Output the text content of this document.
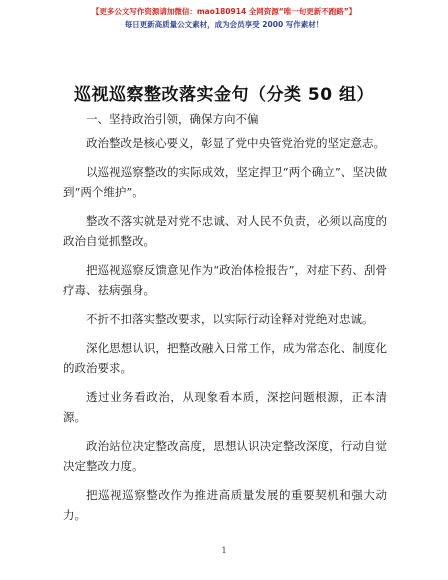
【更多公文写作资源请加微信：mao180914 全网资源“唯一旬更新不跑路”】
每日更新高质量公文素材，成为会员享受 2000 写作素材！
巡视巡察整改落实金句（分类 50 组）

一、坚持政治引领，确保方向不偏

政治整改是核心要义，彰显了党中央管党治党的坚定意志。

以巡视巡察整改的实际成效，坚定捍卫“两个确立”、坚决做到“两个维护”。

整改不落实就是对党不忠诚、对人民不负责，必须以高度的政治自觉抓整改。

把巡视巡察反馈意见作为“政治体检报告”，对症下药、刮骨疗毒、祛病强身。

不折不扣落实整改要求，以实际行动诠释对党绝对忠诚。

深化思想认识，把整改融入日常工作，成为常态化、制度化的政治要求。

透过业务看政治，从现象看本质，深挖问题根源，正本清源。

政治站位决定整改高度，思想认识决定整改深度，行动自觉决定整改力度。

把巡视巡察整改作为推进高质量发展的重要契机和强大动力。

1
